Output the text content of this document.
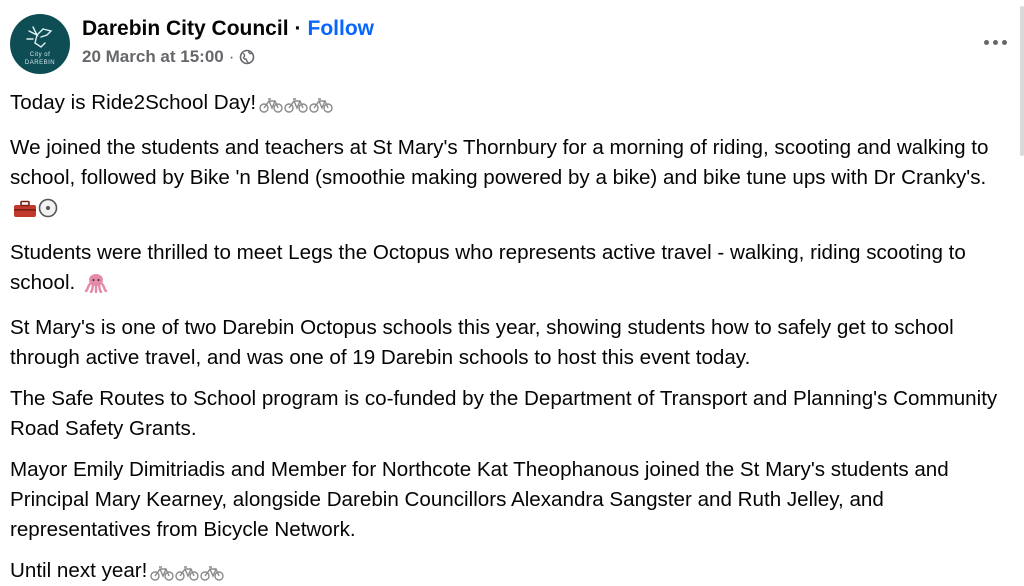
City of
DAREBIN
Darebin City Council · Follow
20 March at 15:00 ·

Today is Ride2School Day!

We joined the students and teachers at St Mary's Thornbury for a morning of riding, scooting and walking to school, followed by Bike 'n Blend (smoothie making powered by a bike) and bike tune ups with Dr Cranky's.

Students were thrilled to meet Legs the Octopus who represents active travel - walking, riding scooting to school.

St Mary's is one of two Darebin Octopus schools this year, showing students how to safely get to school through active travel, and was one of 19 Darebin schools to host this event today.

The Safe Routes to School program is co-funded by the Department of Transport and Planning's Community Road Safety Grants.

Mayor Emily Dimitriadis and Member for Northcote Kat Theophanous joined the St Mary's students and Principal Mary Kearney, alongside Darebin Councillors Alexandra Sangster and Ruth Jelley, and representatives from Bicycle Network.

Until next year!
